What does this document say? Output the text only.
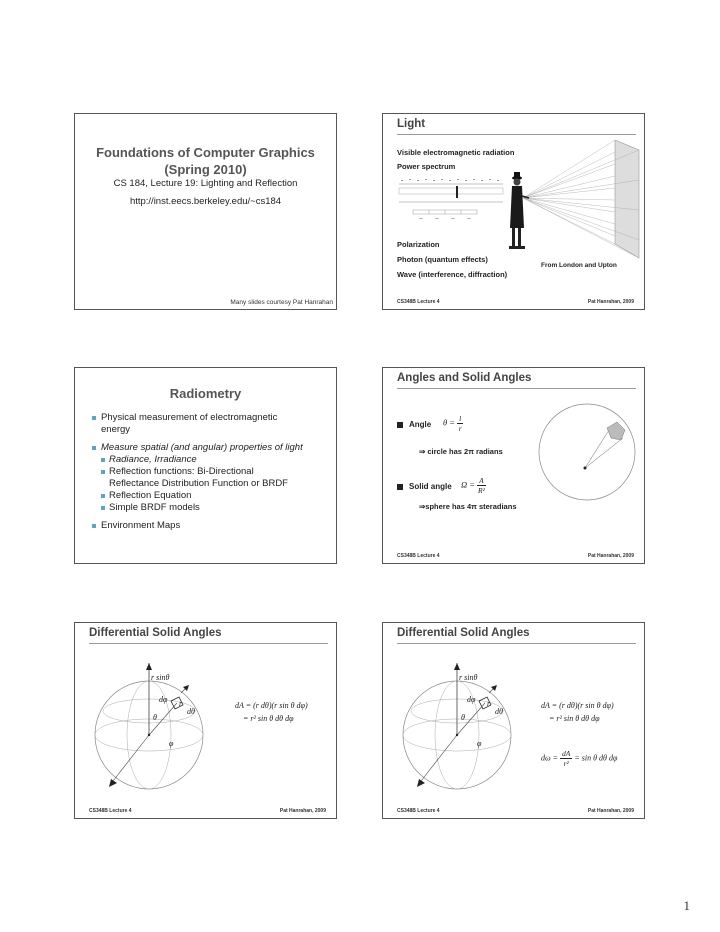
Foundations of Computer Graphics
(Spring 2010)
CS 184, Lecture 19: Lighting and Reflection
http://inst.eecs.berkeley.edu/~cs184
Many slides courtesy Pat Hanrahan
Light
Visible electromagnetic radiation
Power spectrum
Polarization
Photon (quantum effects)
Wave (interference, diffraction)
From London and Upton
CS348B Lecture 4	Pat Hanrahan, 2009
Radiometry
Physical measurement of electromagnetic
energy
Measure spatial (and angular) properties of light
Radiance, Irradiance
Reflection functions: Bi-Directional
Reflectance Distribution Function or BRDF
Reflection Equation
Simple BRDF models
Environment Maps
Angles and Solid Angles
Angle $\theta = \frac{l}{r}$
⇒ circle has 2π radians
Solid angle $\Omega = \frac{A}{\text{R²}}$
⇒sphere has 4π steradians
CS348B Lecture 4	Pat Hanrahan, 2009
Differential Solid Angles
r sinθ
dφ r
dθ
θ
φ
dA = (r dθ)(r sin θ dφ)
= r² sin θ dθ dφ
CS348B Lecture 4	Pat Hanrahan, 2009
Differential Solid Angles
r sinθ
dφ r
dθ
θ
φ
dA = (r dθ)(r sin θ dφ)
= r² sin θ dθ dφ
$d\omega = \frac{dA}{\text{r²}} = \sin \theta$ dθ dφ
CS348B Lecture 4	Pat Hanrahan, 2009
1
